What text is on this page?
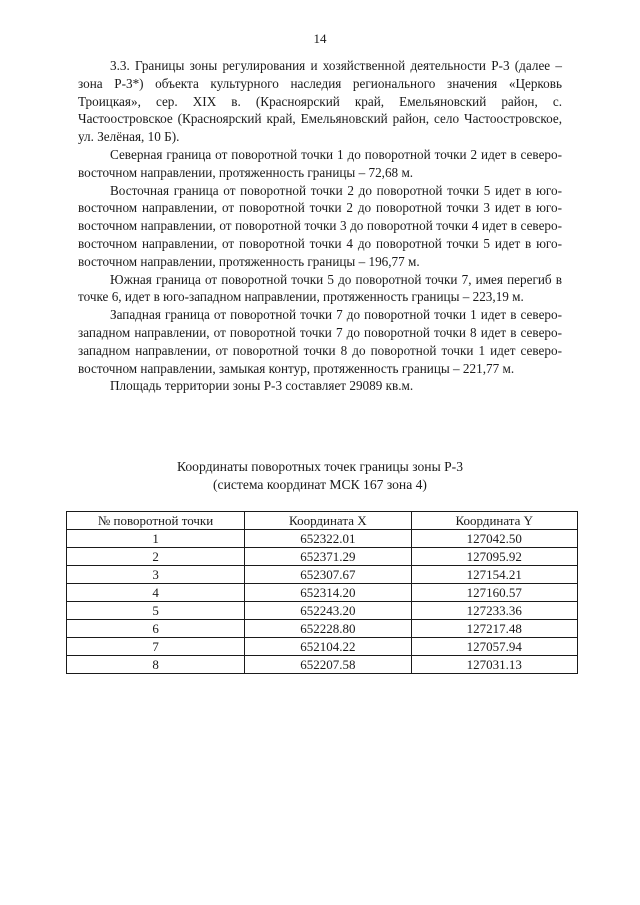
14

3.3. Границы зоны регулирования и хозяйственной деятельности Р-3 (далее – зона Р-3*) объекта культурного наследия регионального значения «Церковь Троицкая», сер. XIX в. (Красноярский край, Емельяновский район, с. Частоостровское (Красноярский край, Емельяновский район, село Частоостровское, ул. Зелёная, 10 Б).

Северная граница от поворотной точки 1 до поворотной точки 2 идет в северо-восточном направлении, протяженность границы – 72,68 м.

Восточная граница от поворотной точки 2 до поворотной точки 5 идет в юго-восточном направлении, от поворотной точки 2 до поворотной точки 3 идет в юго-восточном направлении, от поворотной точки 3 до поворотной точки 4 идет в северо-восточном направлении, от поворотной точки 4 до поворотной точки 5 идет в юго-восточном направлении, протяженность границы – 196,77 м.

Южная граница от поворотной точки 5 до поворотной точки 7, имея перегиб в точке 6, идет в юго-западном направлении, протяженность границы – 223,19 м.

Западная граница от поворотной точки 7 до поворотной точки 1 идет в северо-западном направлении, от поворотной точки 7 до поворотной точки 8 идет в северо-западном направлении, от поворотной точки 8 до поворотной точки 1 идет северо-восточном направлении, замыкая контур, протяженность границы – 221,77 м.

Площадь территории зоны Р-3 составляет 29089 кв.м.

Координаты поворотных точек границы зоны Р-3
(система координат МСК 167 зона 4)
№ поворотной точки	Координата X	Координата Y
1	652322.01	127042.50
2	652371.29	127095.92
3	652307.67	127154.21
4	652314.20	127160.57
5	652243.20	127233.36
6	652228.80	127217.48
7	652104.22	127057.94
8	652207.58	127031.13
